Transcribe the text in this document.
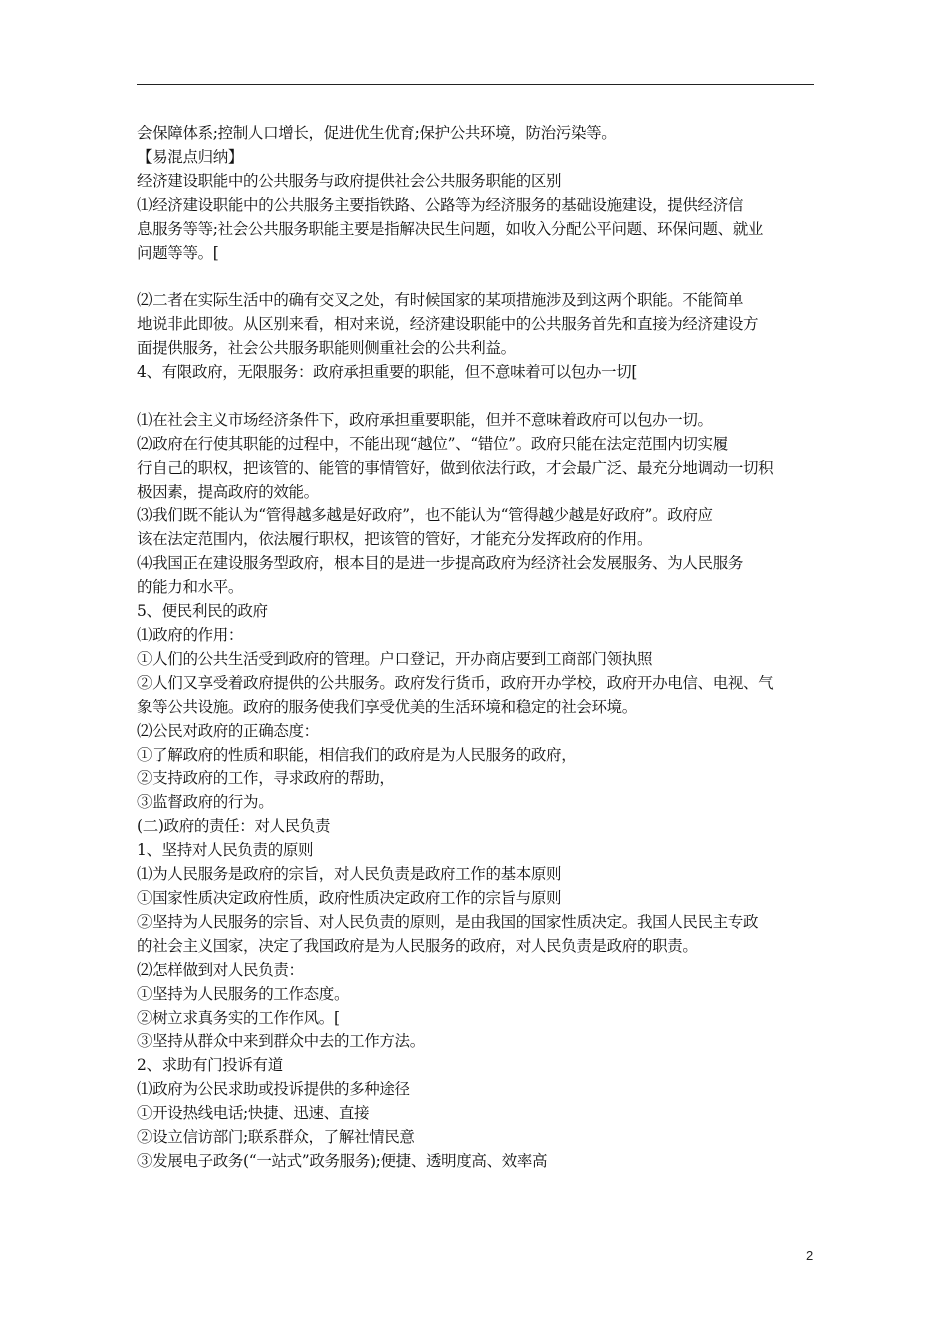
会保障体系;控制人口增长，促进优生优育;保护公共环境，防治污染等。

【易混点归纳】

经济建设职能中的公共服务与政府提供社会公共服务职能的区别

⑴经济建设职能中的公共服务主要指铁路、公路等为经济服务的基础设施建设，提供经济信

息服务等等;社会公共服务职能主要是指解决民生问题，如收入分配公平问题、环保问题、就业

问题等等。[

⑵二者在实际生活中的确有交叉之处，有时候国家的某项措施涉及到这两个职能。不能简单

地说非此即彼。从区别来看，相对来说，经济建设职能中的公共服务首先和直接为经济建设方

面提供服务，社会公共服务职能则侧重社会的公共利益。

4、有限政府，无限服务：政府承担重要的职能，但不意味着可以包办一切[

⑴在社会主义市场经济条件下，政府承担重要职能，但并不意味着政府可以包办一切。

⑵政府在行使其职能的过程中，不能出现“越位”、“错位”。政府只能在法定范围内切实履

行自己的职权，把该管的、能管的事情管好，做到依法行政，才会最广泛、最充分地调动一切积

极因素，提高政府的效能。

⑶我们既不能认为“管得越多越是好政府”，也不能认为“管得越少越是好政府”。政府应

该在法定范围内，依法履行职权，把该管的管好，才能充分发挥政府的作用。

⑷我国正在建设服务型政府，根本目的是进一步提高政府为经济社会发展服务、为人民服务

的能力和水平。

5、便民利民的政府

⑴政府的作用：

①人们的公共生活受到政府的管理。户口登记，开办商店要到工商部门领执照

②人们又享受着政府提供的公共服务。政府发行货币，政府开办学校，政府开办电信、电视、气

象等公共设施。政府的服务使我们享受优美的生活环境和稳定的社会环境。

⑵公民对政府的正确态度：

①了解政府的性质和职能，相信我们的政府是为人民服务的政府，

②支持政府的工作，寻求政府的帮助，

③监督政府的行为。

(二)政府的责任：对人民负责

1、坚持对人民负责的原则

⑴为人民服务是政府的宗旨，对人民负责是政府工作的基本原则

①国家性质决定政府性质，政府性质决定政府工作的宗旨与原则

②坚持为人民服务的宗旨、对人民负责的原则，是由我国的国家性质决定。我国人民民主专政

的社会主义国家，决定了我国政府是为人民服务的政府，对人民负责是政府的职责。

⑵怎样做到对人民负责：

①坚持为人民服务的工作态度。

②树立求真务实的工作作风。[

③坚持从群众中来到群众中去的工作方法。

2、求助有门投诉有道

⑴政府为公民求助或投诉提供的多种途径

①开设热线电话;快捷、迅速、直接

②设立信访部门;联系群众，了解社情民意

③发展电子政务(“一站式”政务服务);便捷、透明度高、效率高

2
